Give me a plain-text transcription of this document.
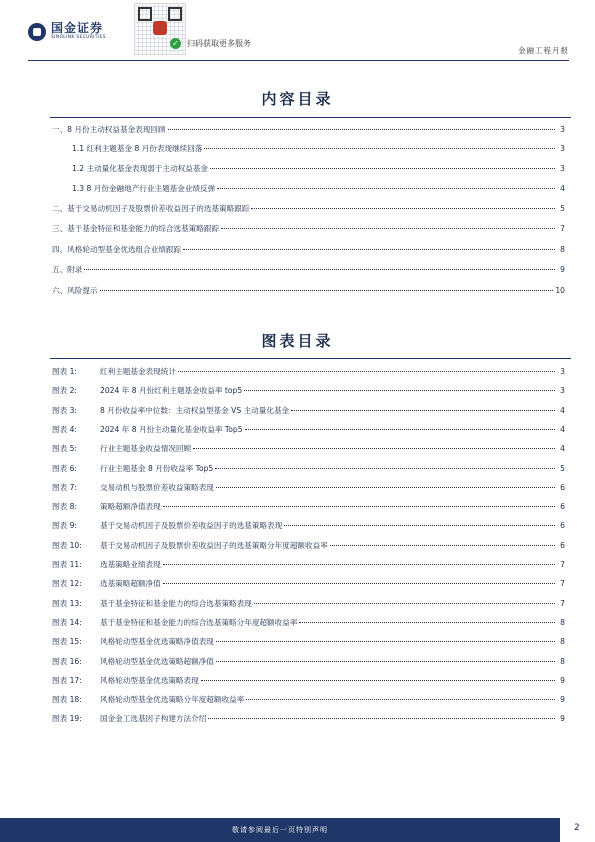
国金证券
SINOLINK SECURITIES
✓ 扫码获取更多服务
金融工程月报
内容目录
一、8 月份主动权益基金表现回顾	3
1.1 红利主题基金 8 月份表现继续回落	3
1.2 主动量化基金表现弱于主动权益基金	3
1.3 8 月份金融地产行业主题基金业绩反弹	4
二、基于交易动机因子及股票价差收益因子的选基策略跟踪	5
三、基于基金特征和基金能力的综合选基策略跟踪	7
四、风格轮动型基金优选组合业绩跟踪	8
五、附录	9
六、风险提示	10
图表目录
图表 1:	红利主题基金表现统计	3
图表 2:	2024 年 8 月份红利主题基金收益率 top5	3
图表 3:	8 月份收益率中位数：主动权益型基金 VS 主动量化基金	4
图表 4:	2024 年 8 月份主动量化基金收益率 Top5	4
图表 5:	行业主题基金收益情况回顾	4
图表 6:	行业主题基金 8 月份收益率 Top5	5
图表 7:	交易动机与股票价差收益策略表现	6
图表 8:	策略超额净值表现	6
图表 9:	基于交易动机因子及股票价差收益因子的选基策略表现	6
图表 10:	基于交易动机因子及股票价差收益因子的选基策略分年度超额收益率	6
图表 11:	选基策略业绩表现	7
图表 12:	选基策略超额净值	7
图表 13:	基于基金特征和基金能力的综合选基策略表现	7
图表 14:	基于基金特征和基金能力的综合选基策略分年度超额收益率	8
图表 15:	风格轮动型基金优选策略净值表现	8
图表 16:	风格轮动型基金优选策略超额净值	8
图表 17:	风格轮动型基金优选策略表现	9
图表 18:	风格轮动型基金优选策略分年度超额收益率	9
图表 19:	国金金工选基因子构建方法介绍	9
敬请参阅最后一页特别声明	2
